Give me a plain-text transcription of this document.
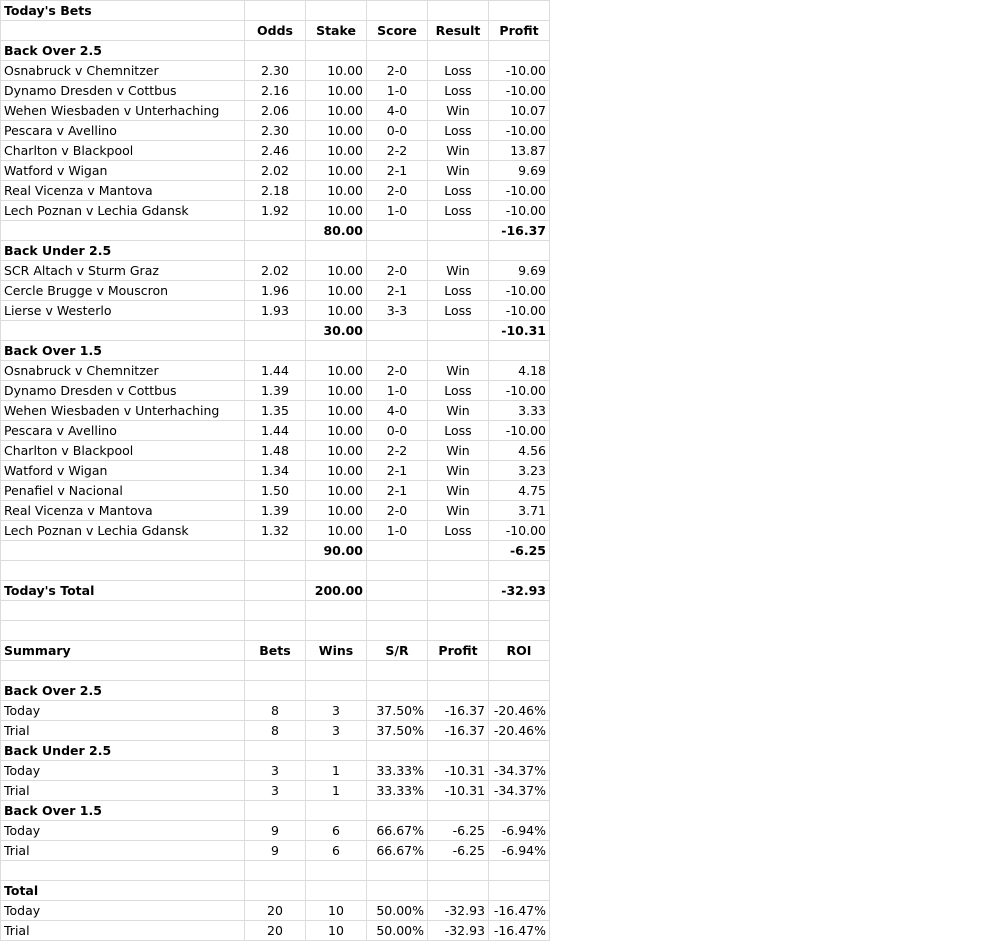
Today's Bets					
	Odds	Stake	Score	Result	Profit
Back Over 2.5					
Osnabruck v Chemnitzer	2.30	10.00	2-0	Loss	-10.00
Dynamo Dresden v Cottbus	2.16	10.00	1-0	Loss	-10.00
Wehen Wiesbaden v Unterhaching	2.06	10.00	4-0	Win	10.07
Pescara v Avellino	2.30	10.00	0-0	Loss	-10.00
Charlton v Blackpool	2.46	10.00	2-2	Win	13.87
Watford v Wigan	2.02	10.00	2-1	Win	9.69
Real Vicenza v Mantova	2.18	10.00	2-0	Loss	-10.00
Lech Poznan v Lechia Gdansk	1.92	10.00	1-0	Loss	-10.00
		80.00			-16.37
Back Under 2.5					
SCR Altach v Sturm Graz	2.02	10.00	2-0	Win	9.69
Cercle Brugge v Mouscron	1.96	10.00	2-1	Loss	-10.00
Lierse v Westerlo	1.93	10.00	3-3	Loss	-10.00
		30.00			-10.31
Back Over 1.5					
Osnabruck v Chemnitzer	1.44	10.00	2-0	Win	4.18
Dynamo Dresden v Cottbus	1.39	10.00	1-0	Loss	-10.00
Wehen Wiesbaden v Unterhaching	1.35	10.00	4-0	Win	3.33
Pescara v Avellino	1.44	10.00	0-0	Loss	-10.00
Charlton v Blackpool	1.48	10.00	2-2	Win	4.56
Watford v Wigan	1.34	10.00	2-1	Win	3.23
Penafiel v Nacional	1.50	10.00	2-1	Win	4.75
Real Vicenza v Mantova	1.39	10.00	2-0	Win	3.71
Lech Poznan v Lechia Gdansk	1.32	10.00	1-0	Loss	-10.00
		90.00			-6.25

Today's Total		200.00			-32.93

Summary	Bets	Wins	S/R	Profit	ROI

Back Over 2.5					
Today	8	3	37.50%	-16.37	-20.46%
Trial	8	3	37.50%	-16.37	-20.46%
Back Under 2.5					
Today	3	1	33.33%	-10.31	-34.37%
Trial	3	1	33.33%	-10.31	-34.37%
Back Over 1.5					
Today	9	6	66.67%	-6.25	-6.94%
Trial	9	6	66.67%	-6.25	-6.94%

Total					
Today	20	10	50.00%	-32.93	-16.47%
Trial	20	10	50.00%	-32.93	-16.47%
